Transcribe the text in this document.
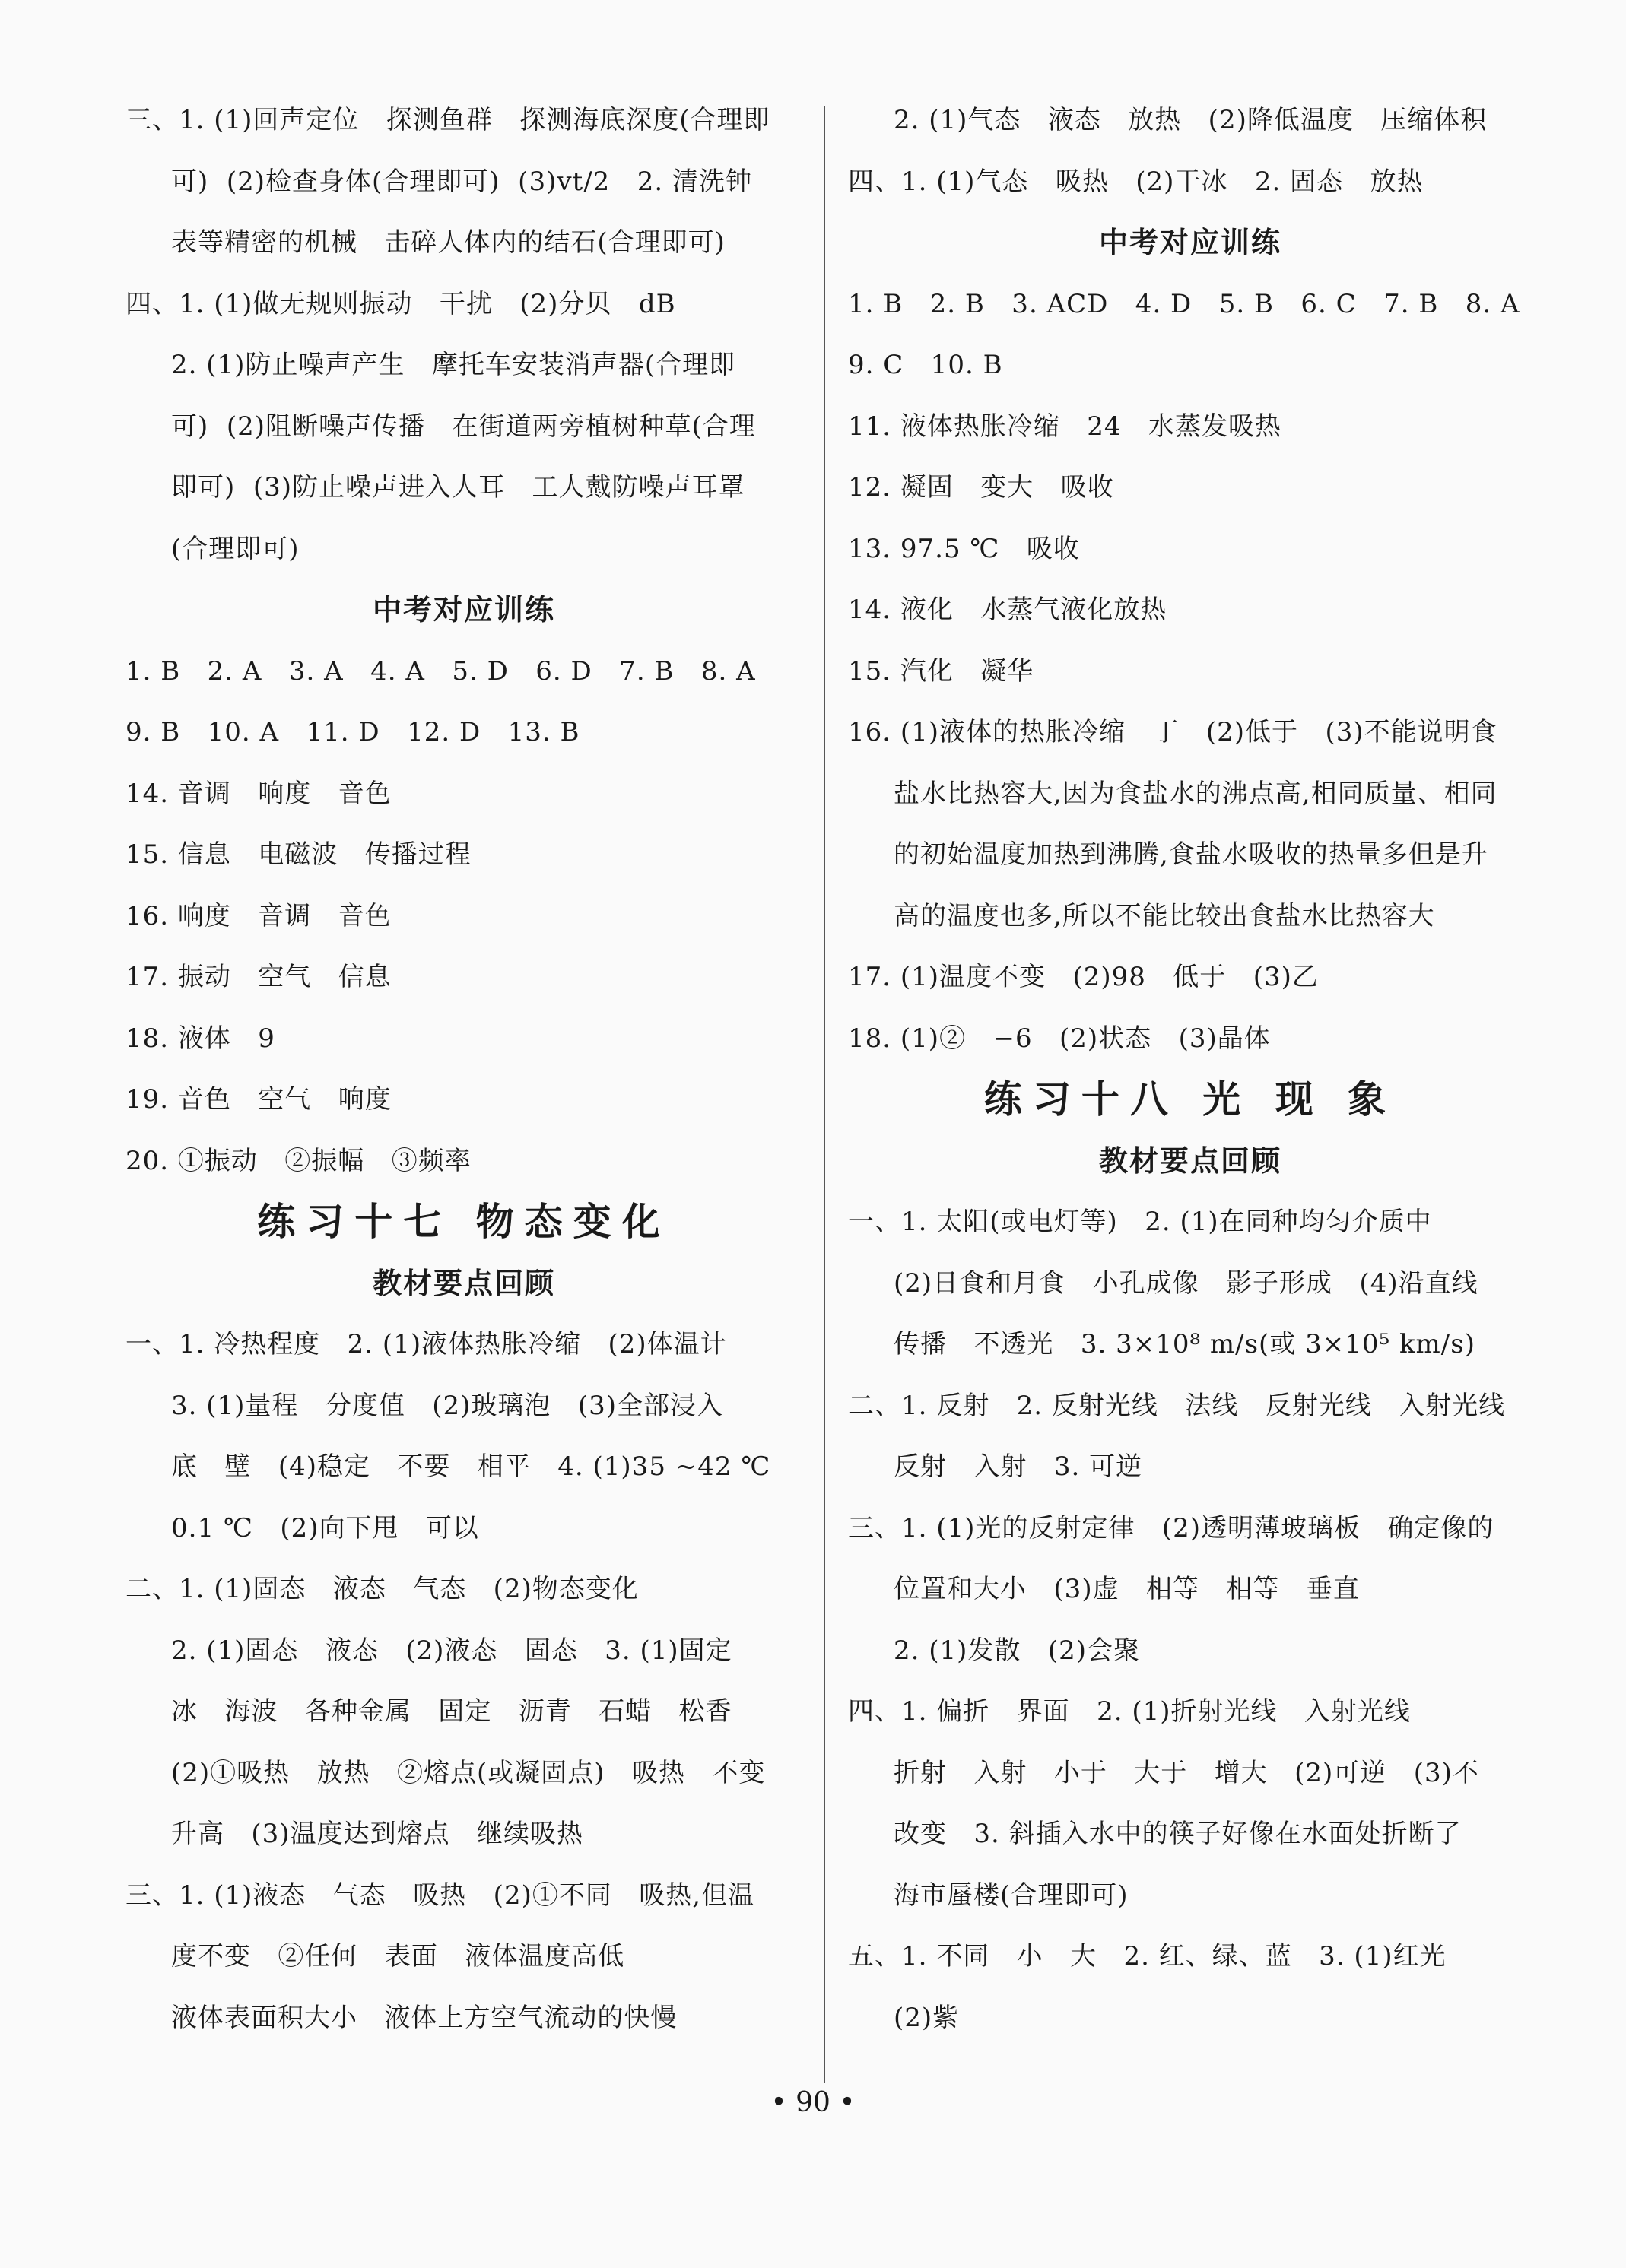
三、1. (1)回声定位   探测鱼群   探测海底深度(合理即
可)  (2)检查身体(合理即可)  (3)vt/2   2. 清洗钟
表等精密的机械   击碎人体内的结石(合理即可)
四、1. (1)做无规则振动   干扰   (2)分贝   dB
2. (1)防止噪声产生   摩托车安装消声器(合理即
可)  (2)阻断噪声传播   在街道两旁植树种草(合理
即可)  (3)防止噪声进入人耳   工人戴防噪声耳罩
(合理即可)
中考对应训练
1. B   2. A   3. A   4. A   5. D   6. D   7. B   8. A
9. B   10. A   11. D   12. D   13. B
14. 音调   响度   音色
15. 信息   电磁波   传播过程
16. 响度   音调   音色
17. 振动   空气   信息
18. 液体   9
19. 音色   空气   响度
20. ①振动   ②振幅   ③频率
练习十七 物态变化
教材要点回顾
一、1. 冷热程度   2. (1)液体热胀冷缩   (2)体温计
3. (1)量程   分度值   (2)玻璃泡   (3)全部浸入
底   壁   (4)稳定   不要   相平   4. (1)35 ~42 ℃
0.1 ℃   (2)向下甩   可以
二、1. (1)固态   液态   气态   (2)物态变化
2. (1)固态   液态   (2)液态   固态   3. (1)固定
冰   海波   各种金属   固定   沥青   石蜡   松香
(2)①吸热   放热   ②熔点(或凝固点)   吸热   不变
升高   (3)温度达到熔点   继续吸热
三、1. (1)液态   气态   吸热   (2)①不同   吸热,但温
度不变   ②任何   表面   液体温度高低
液体表面积大小   液体上方空气流动的快慢
2. (1)气态   液态   放热   (2)降低温度   压缩体积
四、1. (1)气态   吸热   (2)干冰   2. 固态   放热
中考对应训练
1. B   2. B   3. ACD   4. D   5. B   6. C   7. B   8. A
9. C   10. B
11. 液体热胀冷缩   24   水蒸发吸热
12. 凝固   变大   吸收
13. 97.5 ℃   吸收
14. 液化   水蒸气液化放热
15. 汽化   凝华
16. (1)液体的热胀冷缩   丁   (2)低于   (3)不能说明食
盐水比热容大,因为食盐水的沸点高,相同质量、相同
的初始温度加热到沸腾,食盐水吸收的热量多但是升
高的温度也多,所以不能比较出食盐水比热容大
17. (1)温度不变   (2)98   低于   (3)乙
18. (1)②   −6   (2)状态   (3)晶体
练习十八 光 现 象
教材要点回顾
一、1. 太阳(或电灯等)   2. (1)在同种均匀介质中
(2)日食和月食   小孔成像   影子形成   (4)沿直线
传播   不透光   3. 3×10⁸ m/s(或 3×10⁵ km/s)
二、1. 反射   2. 反射光线   法线   反射光线   入射光线
反射   入射   3. 可逆
三、1. (1)光的反射定律   (2)透明薄玻璃板   确定像的
位置和大小   (3)虚   相等   相等   垂直
2. (1)发散   (2)会聚
四、1. 偏折   界面   2. (1)折射光线   入射光线
折射   入射   小于   大于   增大   (2)可逆   (3)不
改变   3. 斜插入水中的筷子好像在水面处折断了
海市蜃楼(合理即可)
五、1. 不同   小   大   2. 红、绿、蓝   3. (1)红光
(2)紫
• 90 •
